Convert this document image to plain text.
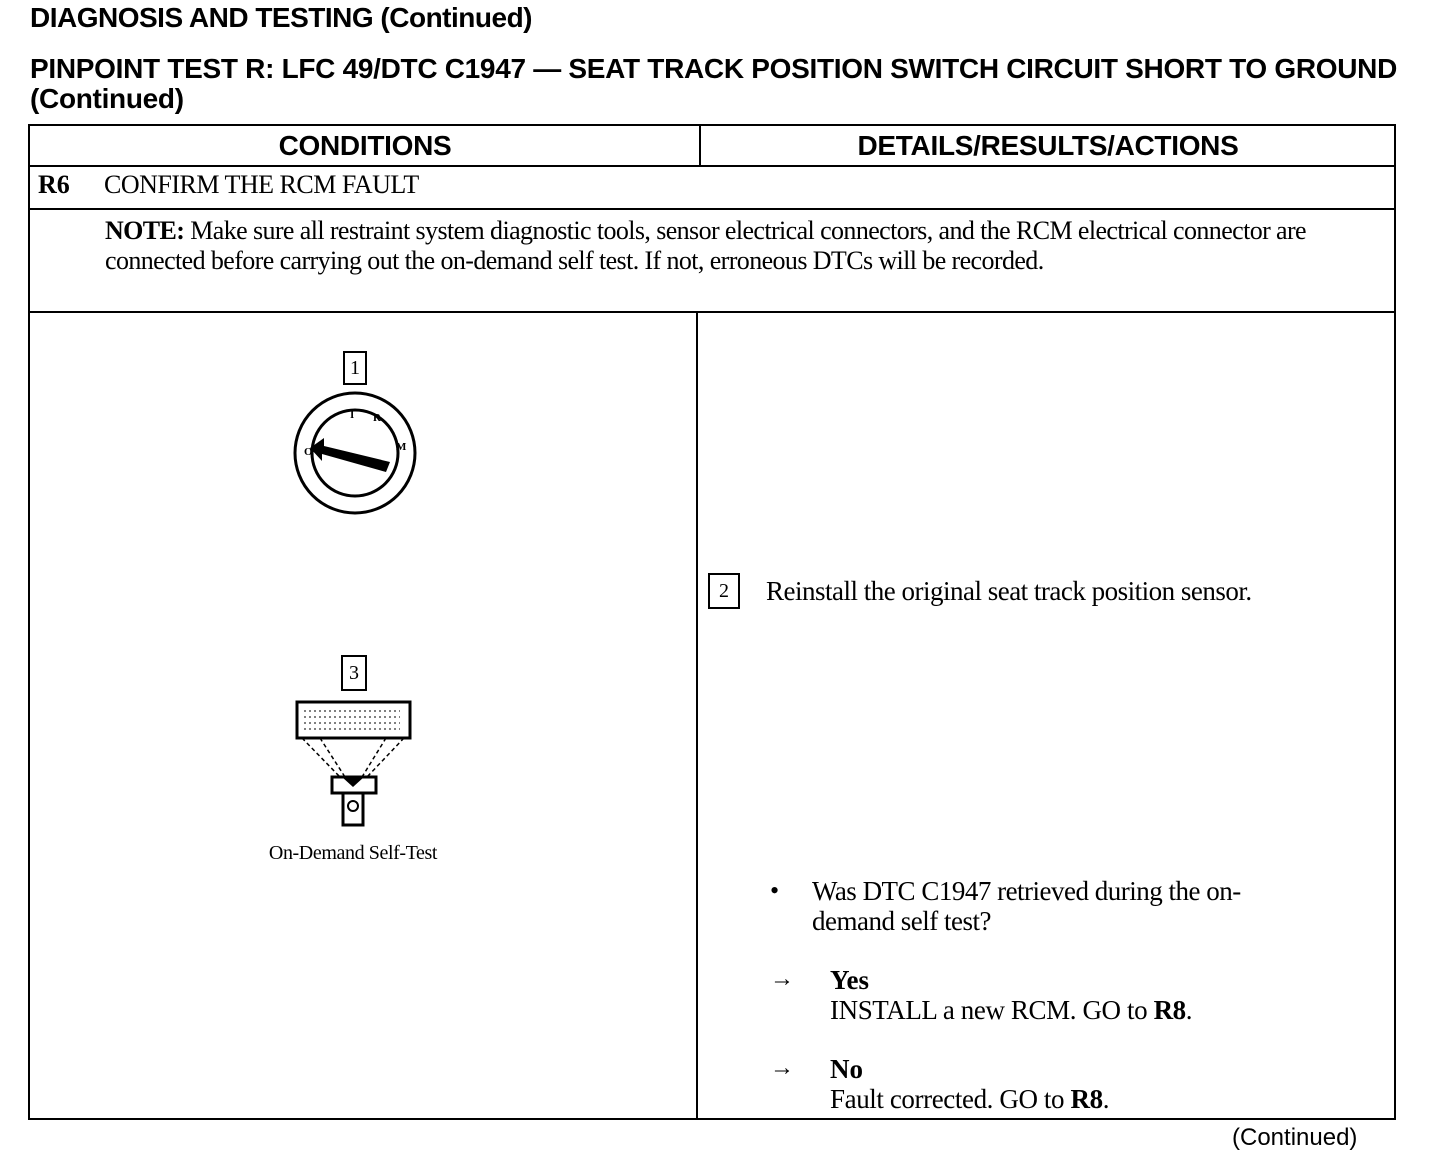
DIAGNOSIS AND TESTING (Continued)
PINPOINT TEST R: LFC 49/DTC C1947 — SEAT TRACK POSITION SWITCH CIRCUIT SHORT TO GROUND (Continued)
CONDITIONS	DETAILS/RESULTS/ACTIONS
R6 CONFIRM THE RCM FAULT
NOTE: Make sure all restraint system diagnostic tools, sensor electrical connectors, and the RCM electrical connector are connected before carrying out the on-demand self test. If not, erroneous DTCs will be recorded.
1
O
I R
M
3
On-Demand Self-Test
2	Reinstall the original seat track position sensor.
• Was DTC C1947 retrieved during the on-demand self test?
→ Yes
INSTALL a new RCM. GO to R8.
→ No
Fault corrected. GO to R8.
(Continued)
